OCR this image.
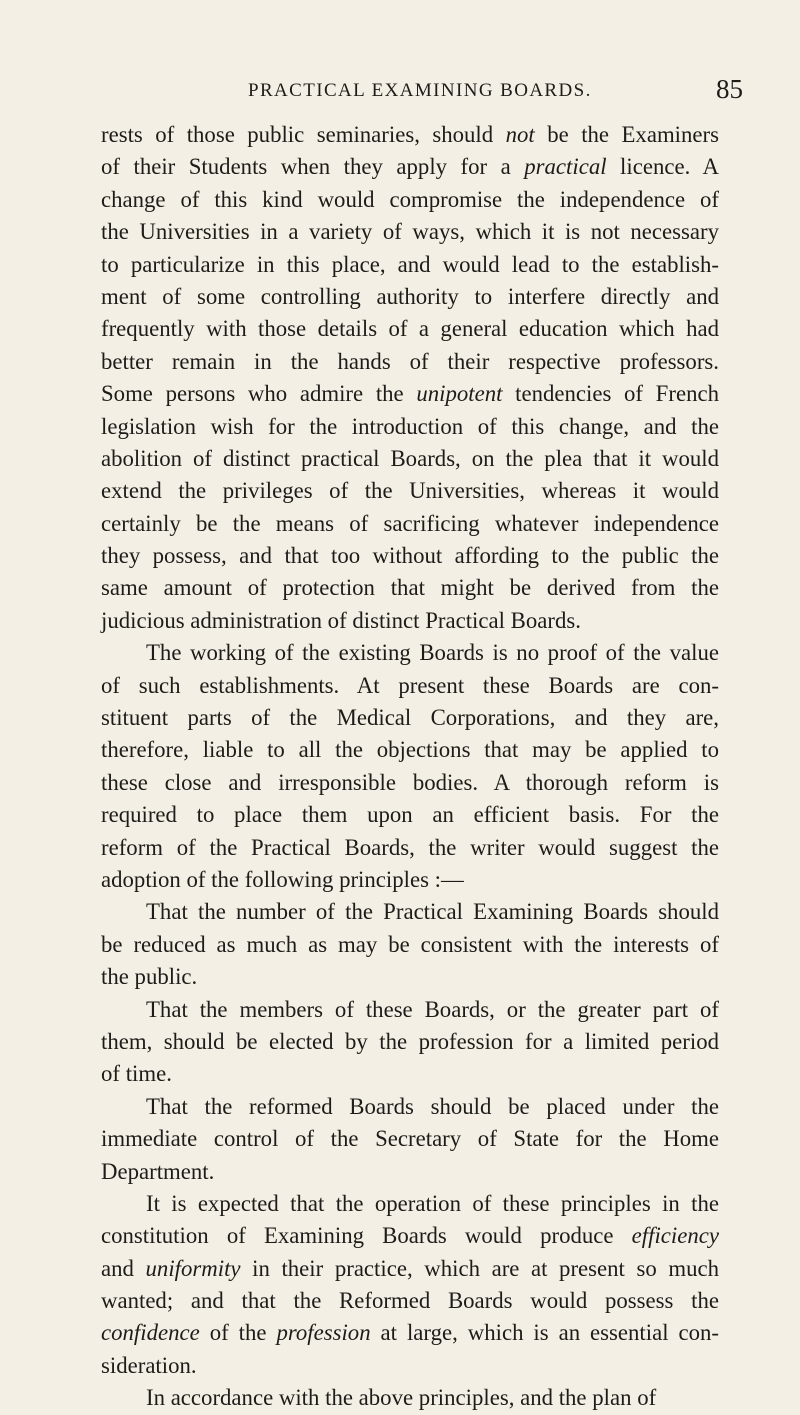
PRACTICAL EXAMINING BOARDS.	85
rests of those public seminaries, should not be the Examiners
of their Students when they apply for a practical licence. A
change of this kind would compromise the independence of
the Universities in a variety of ways, which it is not necessary
to particularize in this place, and would lead to the establish-
ment of some controlling authority to interfere directly and
frequently with those details of a general education which had
better remain in the hands of their respective professors.
Some persons who admire the unipotent tendencies of French
legislation wish for the introduction of this change, and the
abolition of distinct practical Boards, on the plea that it would
extend the privileges of the Universities, whereas it would
certainly be the means of sacrificing whatever independence
they possess, and that too without affording to the public the
same amount of protection that might be derived from the
judicious administration of distinct Practical Boards.
The working of the existing Boards is no proof of the value
of such establishments. At present these Boards are con-
stituent parts of the Medical Corporations, and they are,
therefore, liable to all the objections that may be applied to
these close and irresponsible bodies. A thorough reform is
required to place them upon an efficient basis. For the
reform of the Practical Boards, the writer would suggest the
adoption of the following principles :—
That the number of the Practical Examining Boards should
be reduced as much as may be consistent with the interests of
the public.
That the members of these Boards, or the greater part of
them, should be elected by the profession for a limited period
of time.
That the reformed Boards should be placed under the
immediate control of the Secretary of State for the Home
Department.
It is expected that the operation of these principles in the
constitution of Examining Boards would produce efficiency
and uniformity in their practice, which are at present so much
wanted; and that the Reformed Boards would possess the
confidence of the profession at large, which is an essential con-
sideration.
In accordance with the above principles, and the plan of
